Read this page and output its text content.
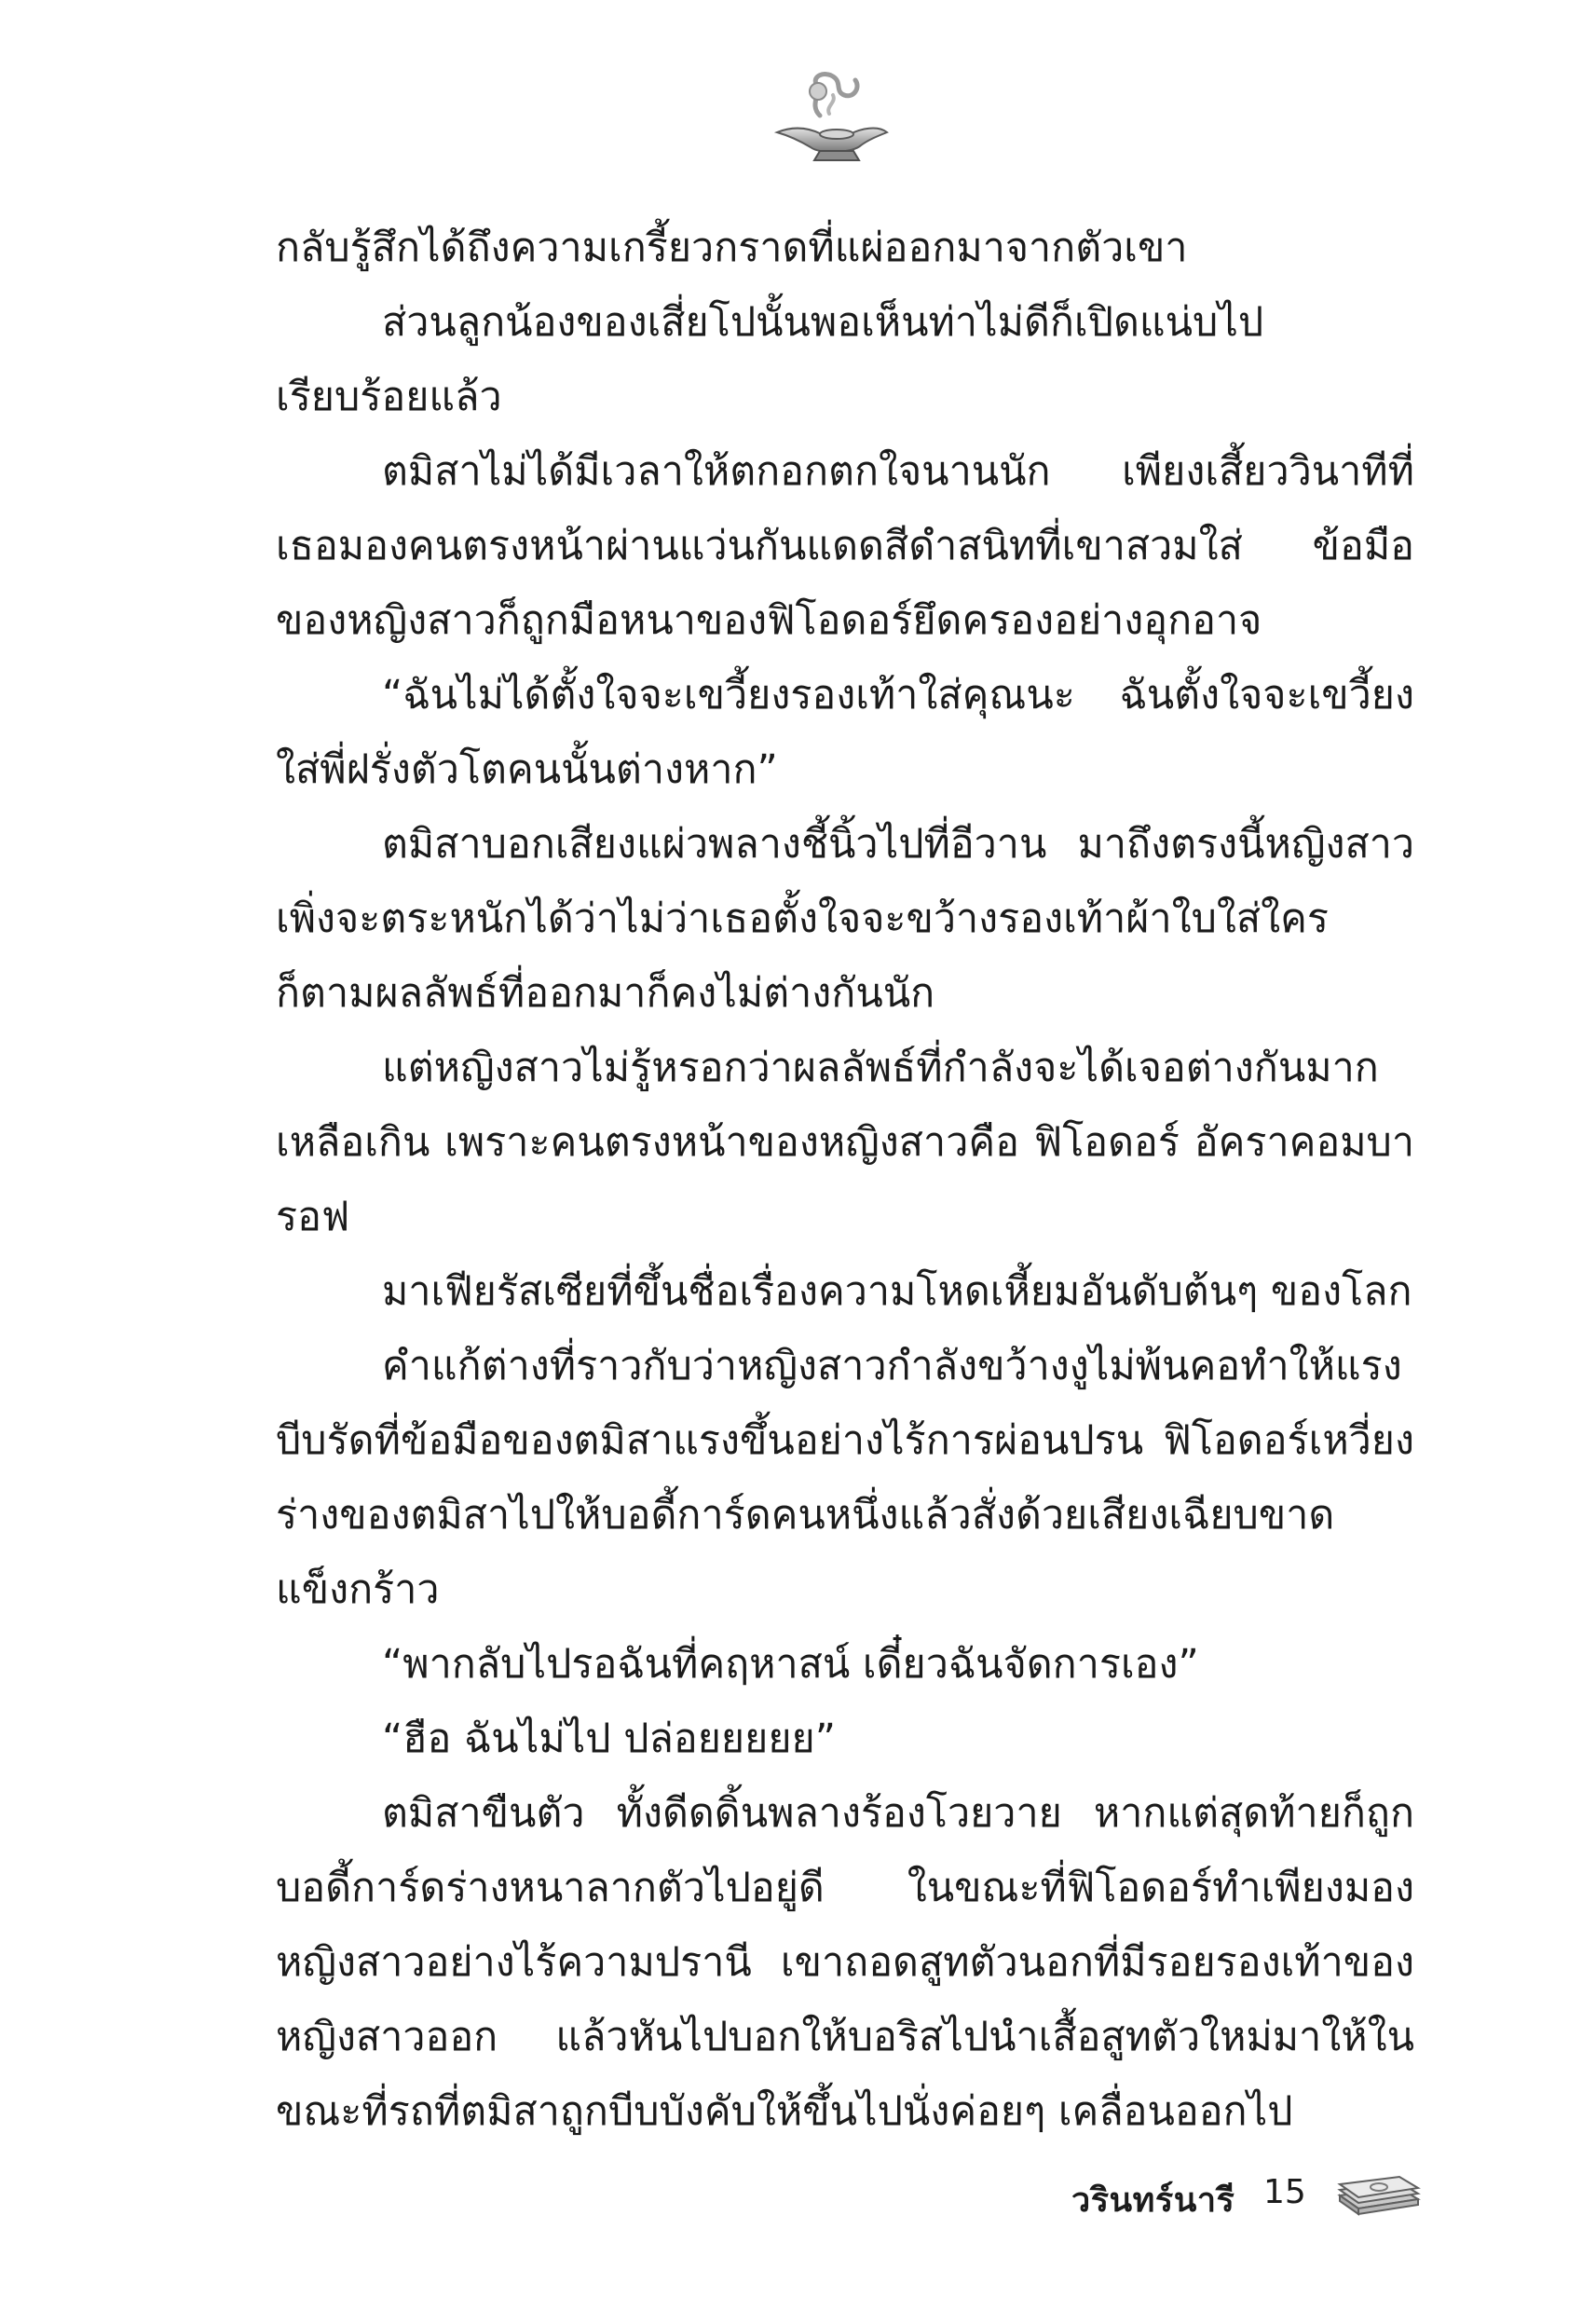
กลับรู้สึกได้ถึงความเกรี้ยวกราดที่แผ่ออกมาจากตัวเขา

ส่วนลูกน้องของเสี่ยโปนั้นพอเห็นท่าไม่ดีก็เปิดแน่บไปเรียบร้อยแล้ว

ตมิสาไม่ได้มีเวลาให้ตกอกตกใจนานนัก เพียงเสี้ยววินาทีที่เธอมองคนตรงหน้าผ่านแว่นกันแดดสีดำสนิทที่เขาสวมใส่ ข้อมือของหญิงสาวก็ถูกมือหนาของฟิโอดอร์ยึดครองอย่างอุกอาจ

“ฉันไม่ได้ตั้งใจจะเขวี้ยงรองเท้าใส่คุณนะ ฉันตั้งใจจะเขวี้ยงใส่พี่ฝรั่งตัวโตคนนั้นต่างหาก”

ตมิสาบอกเสียงแผ่วพลางชี้นิ้วไปที่อีวาน มาถึงตรงนี้หญิงสาวเพิ่งจะตระหนักได้ว่าไม่ว่าเธอตั้งใจจะขว้างรองเท้าผ้าใบใส่ใครก็ตามผลลัพธ์ที่ออกมาก็คงไม่ต่างกันนัก

แต่หญิงสาวไม่รู้หรอกว่าผลลัพธ์ที่กำลังจะได้เจอต่างกันมากเหลือเกิน เพราะคนตรงหน้าของหญิงสาวคือ ฟิโอดอร์ อัคราคอมบารอฟ

มาเฟียรัสเซียที่ขึ้นชื่อเรื่องความโหดเหี้ยมอันดับต้นๆ ของโลก

คำแก้ต่างที่ราวกับว่าหญิงสาวกำลังขว้างงูไม่พ้นคอทำให้แรงบีบรัดที่ข้อมือของตมิสาแรงขึ้นอย่างไร้การผ่อนปรน ฟิโอดอร์เหวี่ยงร่างของตมิสาไปให้บอดี้การ์ดคนหนึ่งแล้วสั่งด้วยเสียงเฉียบขาดแข็งกร้าว

“พากลับไปรอฉันที่คฤหาสน์ เดี๋ยวฉันจัดการเอง”

“ฮือ ฉันไม่ไป ปล่อยยยยย”

ตมิสาขืนตัว ทั้งดีดดิ้นพลางร้องโวยวาย หากแต่สุดท้ายก็ถูกบอดี้การ์ดร่างหนาลากตัวไปอยู่ดี ในขณะที่ฟิโอดอร์ทำเพียงมองหญิงสาวอย่างไร้ความปรานี เขาถอดสูทตัวนอกที่มีรอยรองเท้าของหญิงสาวออก แล้วหันไปบอกให้บอริสไปนำเสื้อสูทตัวใหม่มาให้ในขณะที่รถที่ตมิสาถูกบีบบังคับให้ขึ้นไปนั่งค่อยๆ เคลื่อนออกไป

วรินทร์นารี 15
